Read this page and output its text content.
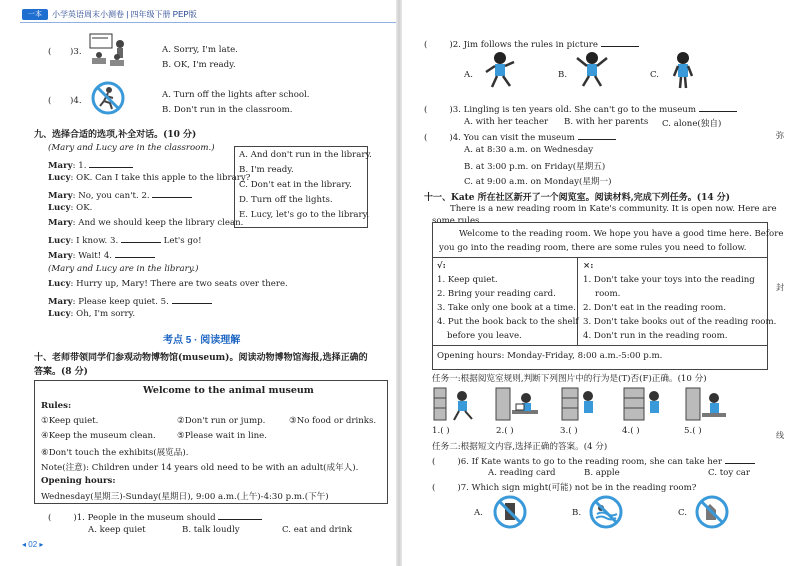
一本	小学英语周末小测卷 | 四年级下册 PEP版
( )3.	A. Sorry, I'm late.
B. OK, I'm ready.
( )4.
A. Turn off the lights after school.
B. Don't run in the classroom.
九、选择合适的选项,补全对话。(10 分)
(Mary and Lucy are in the classroom.)
Mary: 1.
Lucy: OK. Can I take this apple to the library?
Mary: No, you can't. 2.
Lucy: OK.
Mary: And we should keep the library clean.
Lucy: I know. 3.	Let's go!
Mary: Wait! 4.
(Mary and Lucy are in the library.)
Lucy: Hurry up, Mary! There are two seats over there.
Mary: Please keep quiet. 5.
Lucy: Oh, I'm sorry.
A. And don't run in the library.
B. I'm ready.
C. Don't eat in the library.
D. Turn off the lights.
E. Lucy, let's go to the library.
考点 5 · 阅读理解
十、老师带领同学们参观动物博物馆(museum)。阅读动物博物馆海报,选择正确的
答案。(8 分)
Welcome to the animal museum
Rules:
①Keep quiet.	②Don't run or jump.	③No food or drinks.
④Keep the museum clean. ⑤Please wait in line.
⑥Don't touch the exhibits(展览品).
Note(注意): Children under 14 years old need to be with an adult(成年人).
Opening hours:
Wednesday(星期三)-Sunday(星期日), 9:00 a.m.(上午)-4:30 p.m.(下午)
(	)1. People in the museum should
A. keep quiet	B. talk loudly	C. eat and drink
◂ 02 ▸
(	)2. Jim follows the rules in picture
A.	B.	C.
(	)3. Lingling is ten years old. She can't go to the museum
A. with her teacher B. with her parents C. alone(独自)
(	)4. You can visit the museum
A. at 8:30 a.m. on Wednesday
B. at 3:00 p.m. on Friday(星期五)
C. at 9:00 a.m. on Monday(星期一)
十一、Kate 所在社区新开了一个阅览室。阅读材料,完成下列任务。(14 分)
There is a new reading room in Kate's community. It is open now. Here are
some rules.
Welcome to the reading room. We hope you have a good time here. Before
you go into the reading room, there are some rules you need to follow.
√:
1. Keep quiet.
2. Bring your reading card.
3. Take only one book at a time.
4. Put the book back to the shelf
before you leave.
×:
1. Don't take your toys into the reading
room.
2. Don't eat in the reading room.
3. Don't take books out of the reading room.
4. Don't run in the reading room.
Opening hours: Monday-Friday, 8:00 a.m.-5:00 p.m.
任务一:根据阅览室规则,判断下列图片中的行为是(T)否(F)正确。(10 分)
1.( )	2.( )	3.( )	4.( )	5.( )
任务二:根据短文内容,选择正确的答案。(4 分)
(	)6. If Kate wants to go to the reading room, she can take her
A. reading card	B. apple	C. toy car
(	)7. Which sign might(可能) not be in the reading room?
A.	B.	C.
弥
封
线
